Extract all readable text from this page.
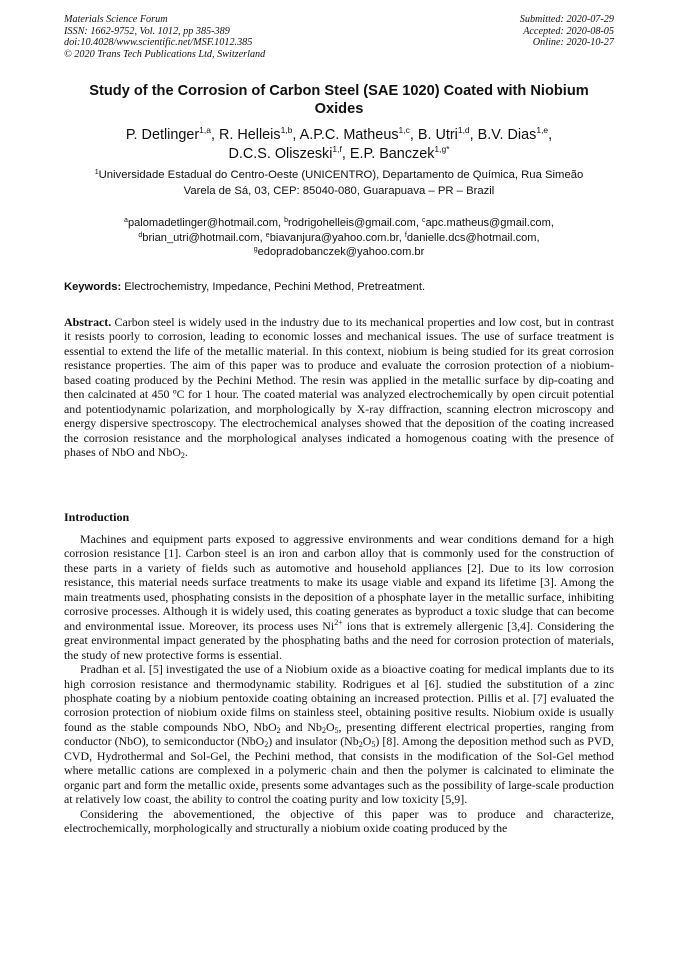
Materials Science Forum
ISSN: 1662-9752, Vol. 1012, pp 385-389
doi:10.4028/www.scientific.net/MSF.1012.385
© 2020 Trans Tech Publications Ltd, Switzerland
Submitted: 2020-07-29
Accepted: 2020-08-05
Online: 2020-10-27
Study of the Corrosion of Carbon Steel (SAE 1020) Coated with Niobium
Oxides
P. Detlinger$^{1,a}$, R. Helleis$^{1,b}$, A.P.C. Matheus$^{1,c}$, B. Utri$^{1,d}$, B.V. Dias$^{1,e}$,
D.C.S. Oliszeski$^{1,f}$, E.P. Banczek$^{1,g*}$
$^1$Universidade Estadual do Centro-Oeste (UNICENTRO), Departamento de Química, Rua Simeão
Varela de Sá, 03, CEP: 85040-080, Guarapuava – PR – Brazil
$^a$palomadetlinger@hotmail.com, $^b$rodrigohelleis@gmail.com, $^c$apc.matheus@gmail.com,
$^d$brian_utri@hotmail.com, $^e$biavanjura@yahoo.com.br, $^f$danielle.dcs@hotmail.com,
$^g$edopradobanczek@yahoo.com.br
Keywords: Electrochemistry, Impedance, Pechini Method, Pretreatment.
Abstract. Carbon steel is widely used in the industry due to its mechanical properties and low cost, but in contrast it resists poorly to corrosion, leading to economic losses and mechanical issues. The use of surface treatment is essential to extend the life of the metallic material. In this context, niobium is being studied for its great corrosion resistance properties. The aim of this paper was to produce and evaluate the corrosion protection of a niobium-based coating produced by the Pechini Method. The resin was applied in the metallic surface by dip-coating and then calcinated at 450 ºC for 1 hour. The coated material was analyzed electrochemically by open circuit potential and potentiodynamic polarization, and morphologically by X-ray diffraction, scanning electron microscopy and energy dispersive spectroscopy. The electrochemical analyses showed that the deposition of the coating increased the corrosion resistance and the morphological analyses indicated a homogenous coating with the presence of phases of NbO and NbO$_2$.
Introduction

Machines and equipment parts exposed to aggressive environments and wear conditions demand for a high corrosion resistance [1]. Carbon steel is an iron and carbon alloy that is commonly used for the construction of these parts in a variety of fields such as automotive and household appliances [2]. Due to its low corrosion resistance, this material needs surface treatments to make its usage viable and expand its lifetime [3]. Among the main treatments used, phosphating consists in the deposition of a phosphate layer in the metallic surface, inhibiting corrosive processes. Although it is widely used, this coating generates as byproduct a toxic sludge that can become and environmental issue. Moreover, its process uses $Ni^{2+}$ ions that is extremely allergenic [3,4]. Considering the great environmental impact generated by the phosphating baths and the need for corrosion protection of materials, the study of new protective forms is essential.

Pradhan et al. [5] investigated the use of a Niobium oxide as a bioactive coating for medical implants due to its high corrosion resistance and thermodynamic stability. Rodrigues et al [6]. studied the substitution of a zinc phosphate coating by a niobium pentoxide coating obtaining an increased protection. Pillis et al. [7] evaluated the corrosion protection of niobium oxide films on stainless steel, obtaining positive results. Niobium oxide is usually found as the stable compounds NbO, NbO$_2$ and $Nb_2O_5$, presenting different electrical properties, ranging from conductor (NbO), to semiconductor (NbO$_2$) and insulator $(Nb_2O_5)$ [8]. Among the deposition method such as PVD, CVD, Hydrothermal and Sol-Gel, the Pechini method, that consists in the modification of the Sol-Gel method where metallic cations are complexed in a polymeric chain and then the polymer is calcinated to eliminate the organic part and form the metallic oxide, presents some advantages such as the possibility of large-scale production at relatively low coast, the ability to control the coating purity and low toxicity [5,9].

Considering the abovementioned, the objective of this paper was to produce and characterize, electrochemically, morphologically and structurally a niobium oxide coating produced by the
